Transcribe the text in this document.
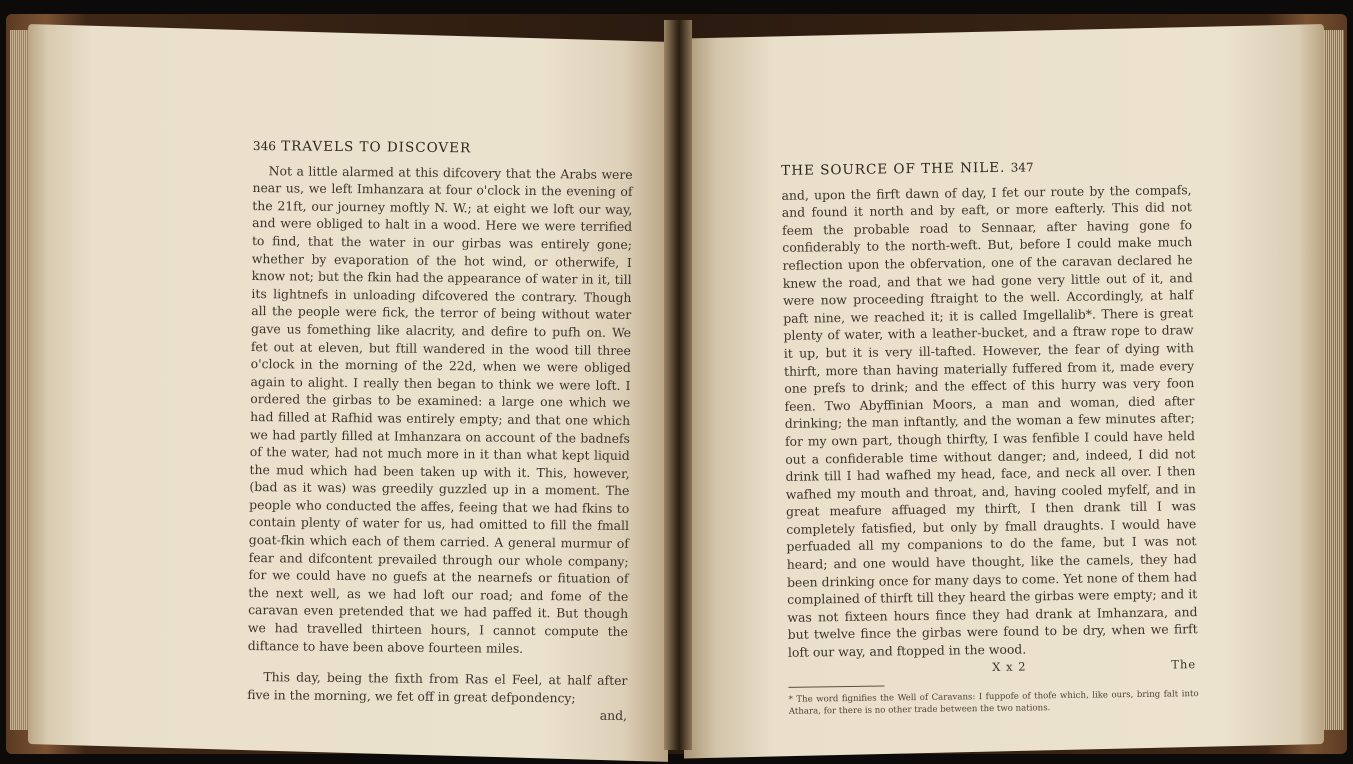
346 TRAVELS TO DISCOVER

Not a little alarmed at this difcovery that the Arabs were near us, we left Imhanzara at four o'clock in the evening of the 21ft, our journey moftly N. W.; at eight we loft our way, and were obliged to halt in a wood. Here we were terrified to find, that the water in our girbas was entirely gone; whether by evaporation of the hot wind, or otherwife, I know not; but the fkin had the appearance of water in it, till its lightnefs in unloading difcovered the contrary. Though all the people were fick, the terror of being without water gave us fomething like alacrity, and defire to pufh on. We fet out at eleven, but ftill wandered in the wood till three o'clock in the morning of the 22d, when we were obliged again to alight. I really then began to think we were loft. I ordered the girbas to be examined: a large one which we had filled at Rafhid was entirely empty; and that one which we had partly filled at Imhanzara on account of the badnefs of the water, had not much more in it than what kept liquid the mud which had been taken up with it. This, however, (bad as it was) was greedily guzzled up in a moment. The people who conducted the affes, feeing that we had fkins to contain plenty of water for us, had omitted to fill the fmall goat-fkin which each of them carried. A general murmur of fear and difcontent prevailed through our whole company; for we could have no guefs at the nearnefs or fituation of the next well, as we had loft our road; and fome of the caravan even pretended that we had paffed it. But though we had travelled thirteen hours, I cannot compute the diftance to have been above fourteen miles.

This day, being the fixth from Ras el Feel, at half after five in the morning, we fet off in great defpondency;

and,
THE SOURCE OF THE NILE. 347

and, upon the firft dawn of day, I fet our route by the compafs, and found it north and by eaft, or more eafterly. This did not feem the probable road to Sennaar, after having gone fo confiderably to the north-weft. But, before I could make much reflection upon the obfervation, one of the caravan declared he knew the road, and that we had gone very little out of it, and were now proceeding ftraight to the well. Accordingly, at half paft nine, we reached it; it is called Imgellalib*. There is great plenty of water, with a leather-bucket, and a ftraw rope to draw it up, but it is very ill-tafted. However, the fear of dying with thirft, more than having materially fuffered from it, made every one prefs to drink; and the effect of this hurry was very foon feen. Two Abyffinian Moors, a man and woman, died after drinking; the man inftantly, and the woman a few minutes after; for my own part, though thirfty, I was fenfible I could have held out a confiderable time without danger; and, indeed, I did not drink till I had wafhed my head, face, and neck all over. I then wafhed my mouth and throat, and, having cooled myfelf, and in great meafure affuaged my thirft, I then drank till I was completely fatisfied, but only by fmall draughts. I would have perfuaded all my companions to do the fame, but I was not heard; and one would have thought, like the camels, they had been drinking once for many days to come. Yet none of them had complained of thirft till they heard the girbas were empty; and it was not fixteen hours fince they had drank at Imhanzara, and but twelve fince the girbas were found to be dry, when we firft loft our way, and ftopped in the wood.

X x 2	The
* The word fignifies the Well of Caravans: I fuppofe of thofe which, like ours, bring falt into Athara, for there is no other trade between the two nations.
